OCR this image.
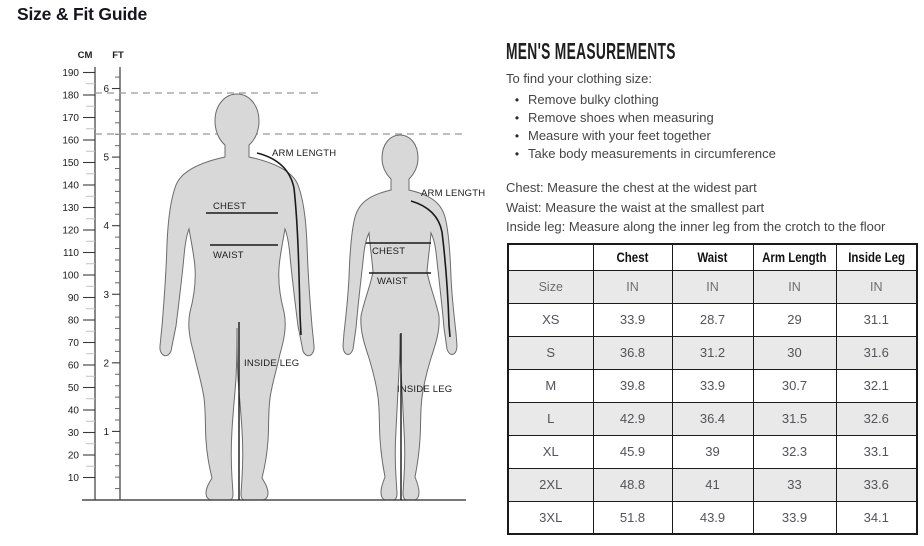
Size & Fit Guide
CM FT
190
180
170
160
150
140
130
120
110
100
90
80
70
60
50
40
30
20
10
6
5
4
3
2
1
ARM LENGTH
CHEST
WAIST
INSIDE LEG
ARM LENGTH
CHEST
WAIST
INSIDE LEG
MEN'S MEASUREMENTS

To find your clothing size:

• Remove bulky clothing
• Remove shoes when measuring
• Measure with your feet together
• Take body measurements in circumference
Chest: Measure the chest at the widest part
Waist: Measure the waist at the smallest part
Inside leg: Measure along the inner leg from the crotch to the floor
	Chest	Waist	Arm Length	Inside Leg
Size	IN	IN	IN	IN
XS	33.9	28.7	29	31.1
S	36.8	31.2	30	31.6
M	39.8	33.9	30.7	32.1
L	42.9	36.4	31.5	32.6
XL	45.9	39	32.3	33.1
2XL	48.8	41	33	33.6
3XL	51.8	43.9	33.9	34.1
